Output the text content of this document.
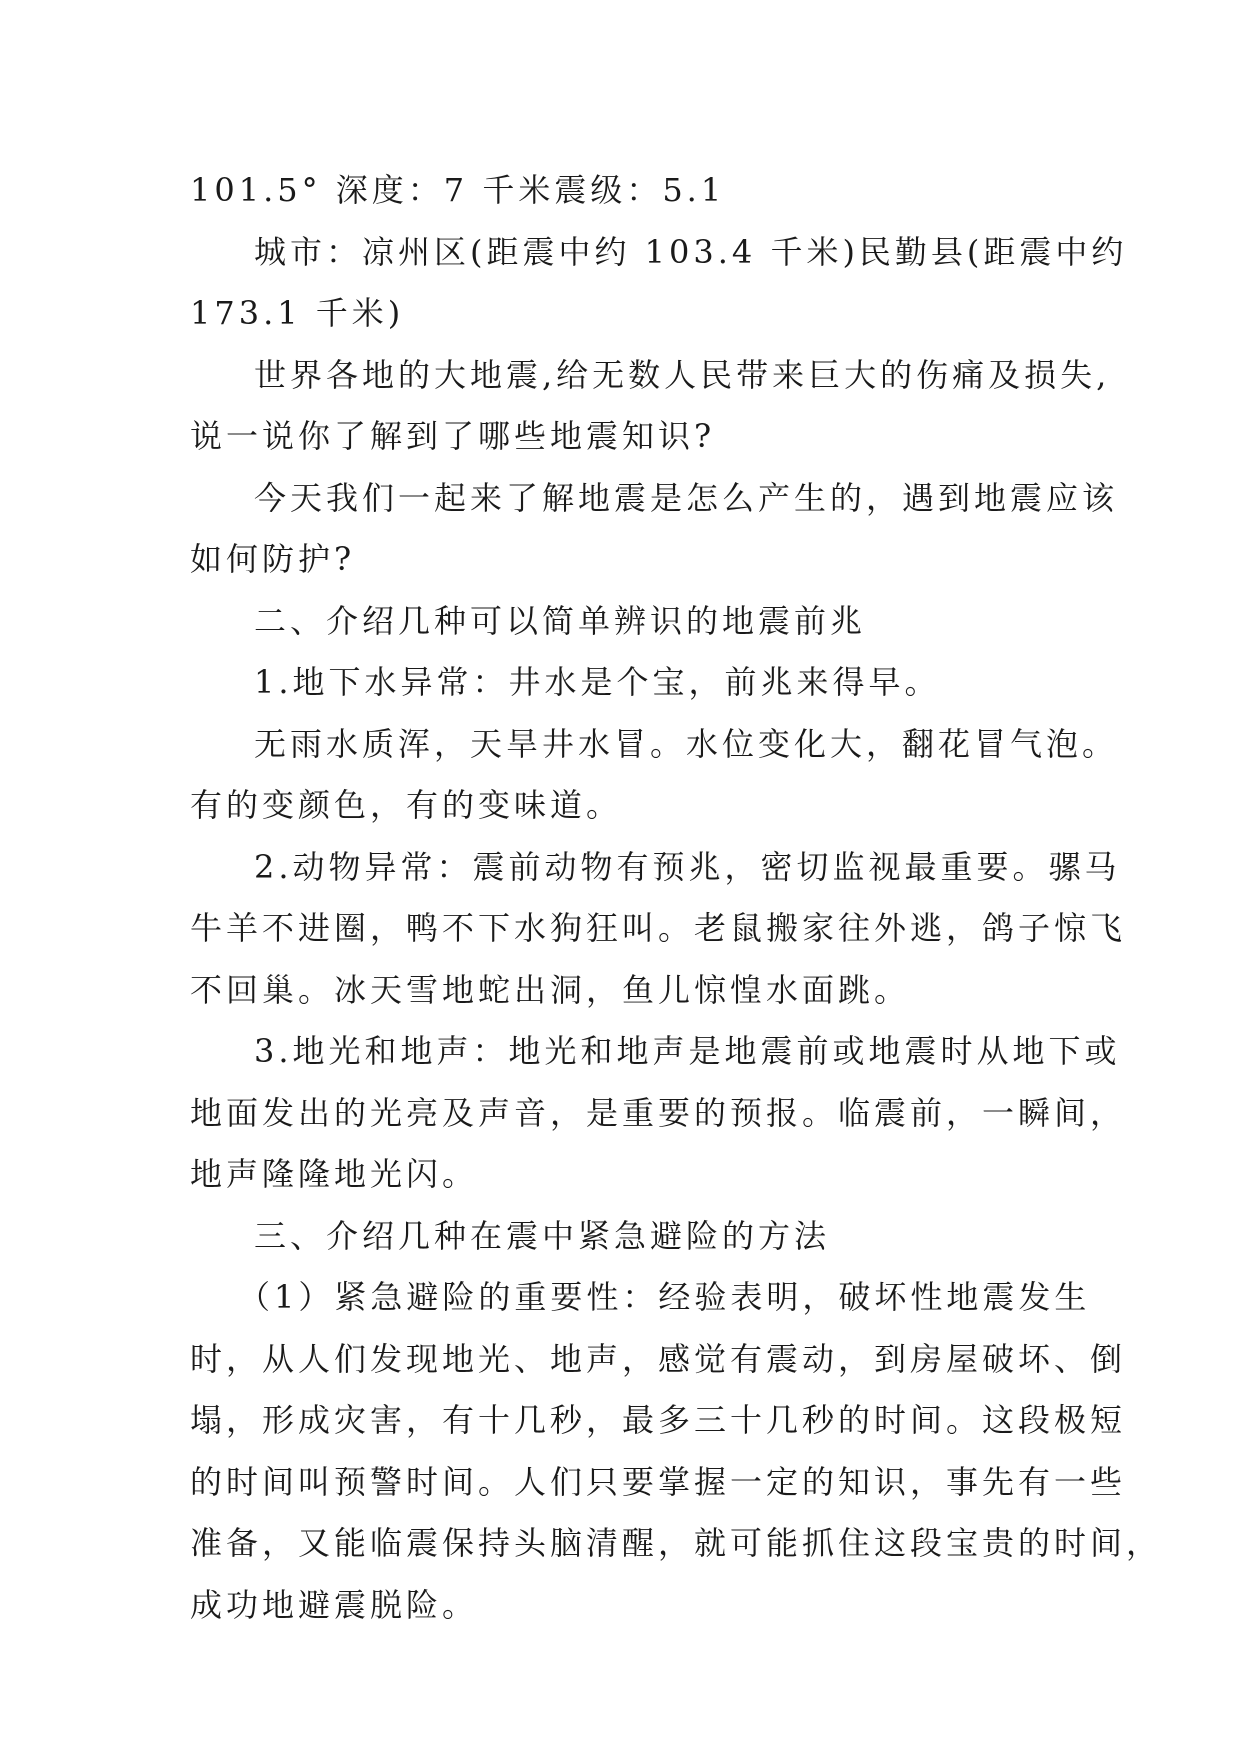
101.5° 深度：7 千米震级：5.1

城市：凉州区(距震中约 103.4 千米)民勤县(距震中约
173.1 千米)

世界各地的大地震,给无数人民带来巨大的伤痛及损失,
说一说你了解到了哪些地震知识?

今天我们一起来了解地震是怎么产生的，遇到地震应该
如何防护?

二、介绍几种可以简单辨识的地震前兆

1.地下水异常：井水是个宝，前兆来得早。

无雨水质浑，天旱井水冒。水位变化大，翻花冒气泡。
有的变颜色，有的变味道。

2.动物异常：震前动物有预兆，密切监视最重要。骡马
牛羊不进圈，鸭不下水狗狂叫。老鼠搬家往外逃，鸽子惊飞
不回巢。冰天雪地蛇出洞，鱼儿惊惶水面跳。

3.地光和地声：地光和地声是地震前或地震时从地下或
地面发出的光亮及声音，是重要的预报。临震前，一瞬间，
地声隆隆地光闪。

三、介绍几种在震中紧急避险的方法

（1）紧急避险的重要性：经验表明，破坏性地震发生
时，从人们发现地光、地声，感觉有震动，到房屋破坏、倒
塌，形成灾害，有十几秒，最多三十几秒的时间。这段极短
的时间叫预警时间。人们只要掌握一定的知识，事先有一些
准备，又能临震保持头脑清醒，就可能抓住这段宝贵的时间，
成功地避震脱险。
